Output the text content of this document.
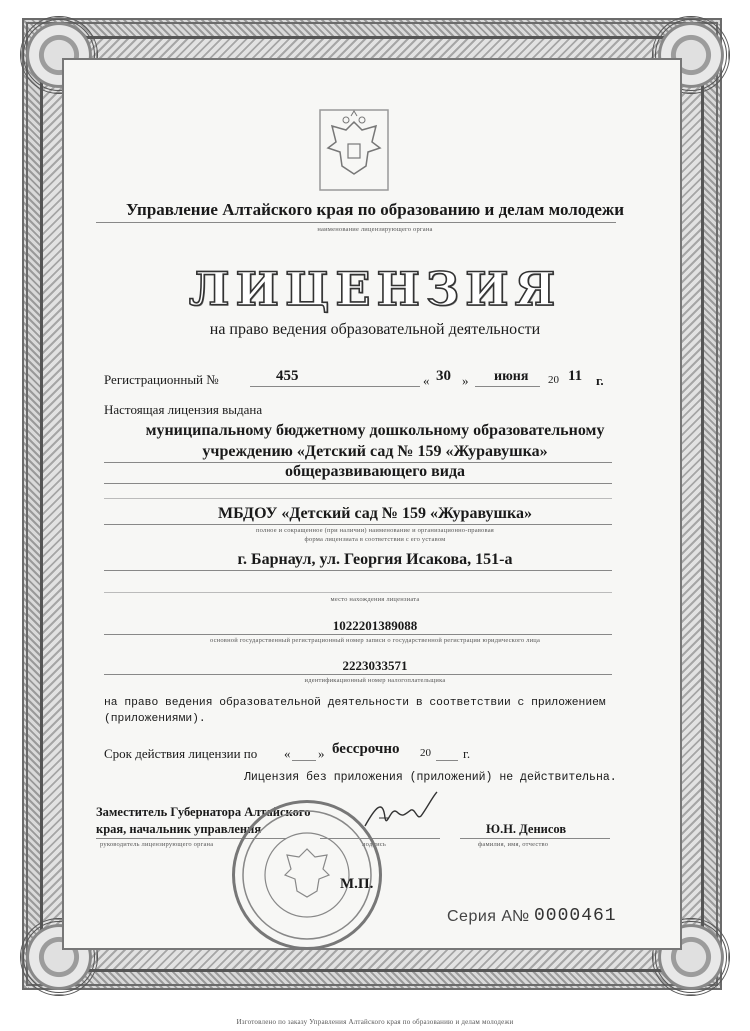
Управление Алтайского края по образованию и делам молодежи
наименование лицензирующего органа
ЛИЦЕНЗИЯ
на право ведения образовательной деятельности
Регистрационный №	455	« 30 » июня 20 11 г.
Настоящая лицензия выдана
муниципальному бюджетному дошкольному образовательному
учреждению «Детский сад № 159 «Журавушка»
общеразвивающего вида
МБДОУ «Детский сад № 159 «Журавушка»
полное и сокращенное (при наличии) наименование и организационно-правовая
форма лицензиата в соответствии с его уставом
г. Барнаул, ул. Георгия Исакова, 151-а
место нахождения лицензиата
1022201389088
основной государственный регистрационный номер записи о государственной регистрации юридического лица
2223033571
идентификационный номер налогоплательщика
на право ведения образовательной деятельности в соответствии с приложением
(приложениями).
Срок действия лицензии по « » бессрочно 20 г.
Лицензия без приложения (приложений) не действительна.
Заместитель Губернатора Алтайского
края, начальник управления
руководитель лицензирующего органа	подпись
Ю.Н. Денисов
фамилия, имя, отчество
М.П.
Серия А № 0000461
Изготовлено по заказу Управления Алтайского края по образованию и делам молодежи
